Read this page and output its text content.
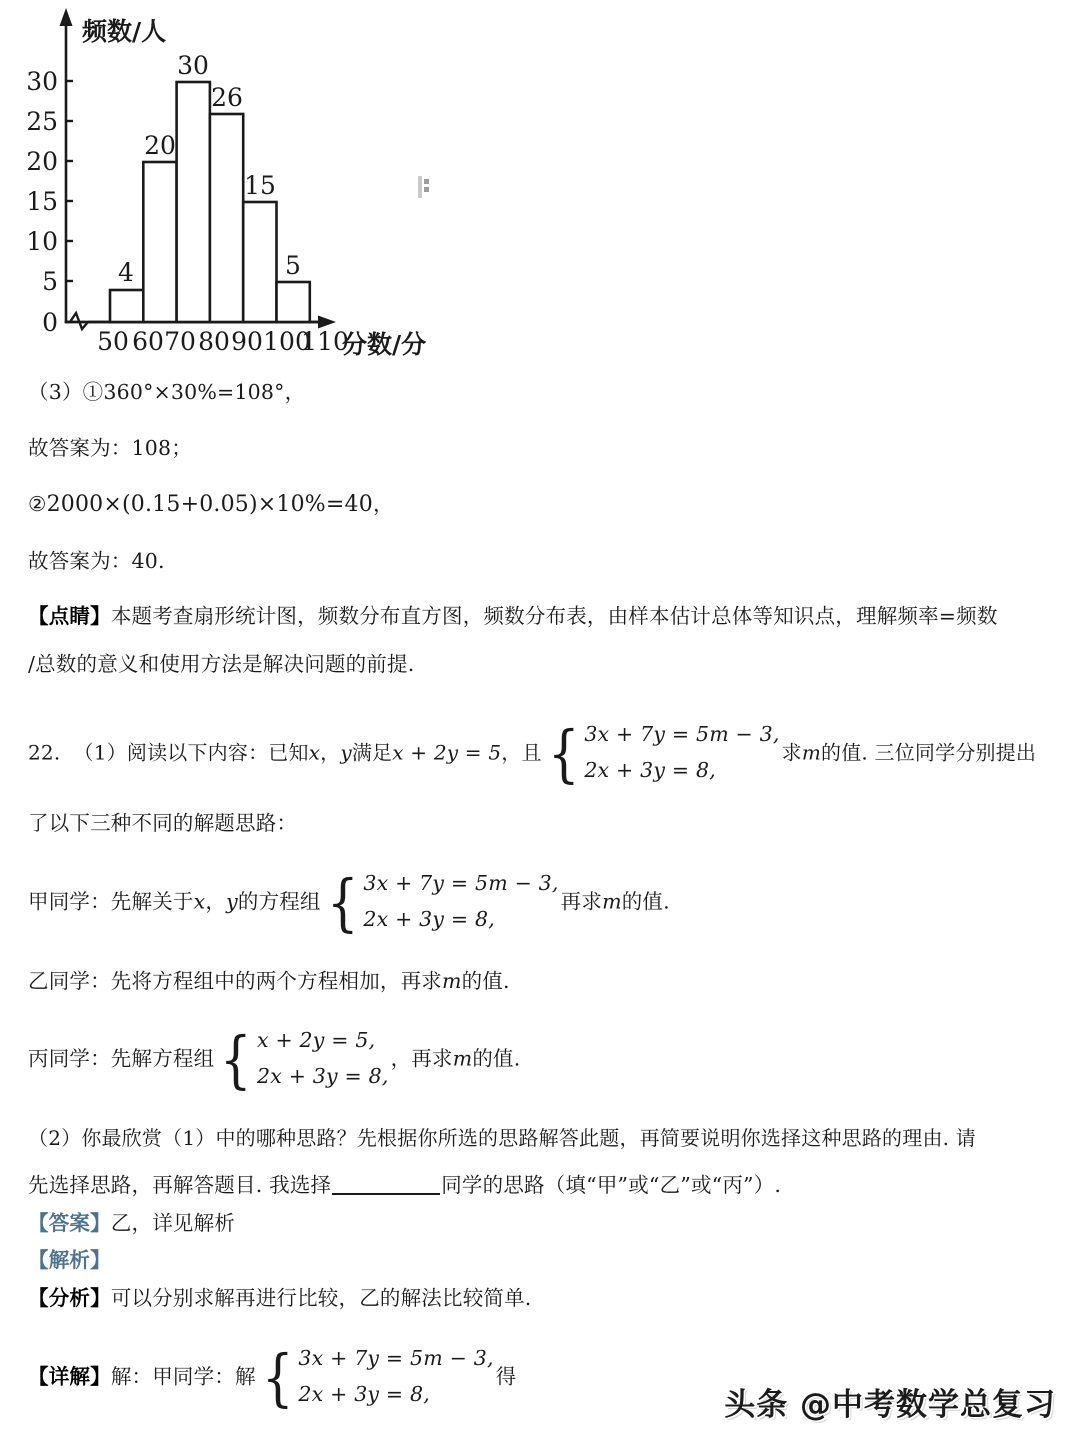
0
5
10
15
20
25
30
4
20
30
26
15
5
50 60 70 80 90 100
110
频数/人
分数/分
（3）①360°×30%=108°，
故答案为：108；
②2000×(0.15+0.05)×10%=40，
故答案为：40.
【点睛】本题考查扇形统计图，频数分布直方图，频数分布表，由样本估计总体等知识点，理解频率=频数
/总数的意义和使用方法是解决问题的前提.
22. （1）阅读以下内容：已知x，y满足x + 2y = 5，且 { 3x + 7y = 5m − 3,
2x + 3y = 8,
求m的值. 三位同学分别提出
了以下三种不同的解题思路：
甲同学：先解关于x，y的方程组 { 3x + 7y = 5m − 3,
2x + 3y = 8,
再求m的值.
乙同学：先将方程组中的两个方程相加，再求m的值.
丙同学：先解方程组 { x + 2y = 5,
2x + 3y = 8,
，再求m的值.
（2）你最欣赏（1）中的哪种思路？先根据你所选的思路解答此题，再简要说明你选择这种思路的理由. 请
先选择思路，再解答题目. 我选择	同学的思路（填“甲”或“乙”或“丙”）.
【答案】乙，详见解析
【解析】
【分析】可以分别求解再进行比较，乙的解法比较简单.
【详解】解：甲同学：解 { 3x + 7y = 5m − 3,
2x + 3y = 8,
得
头条 @中考数学总复习
